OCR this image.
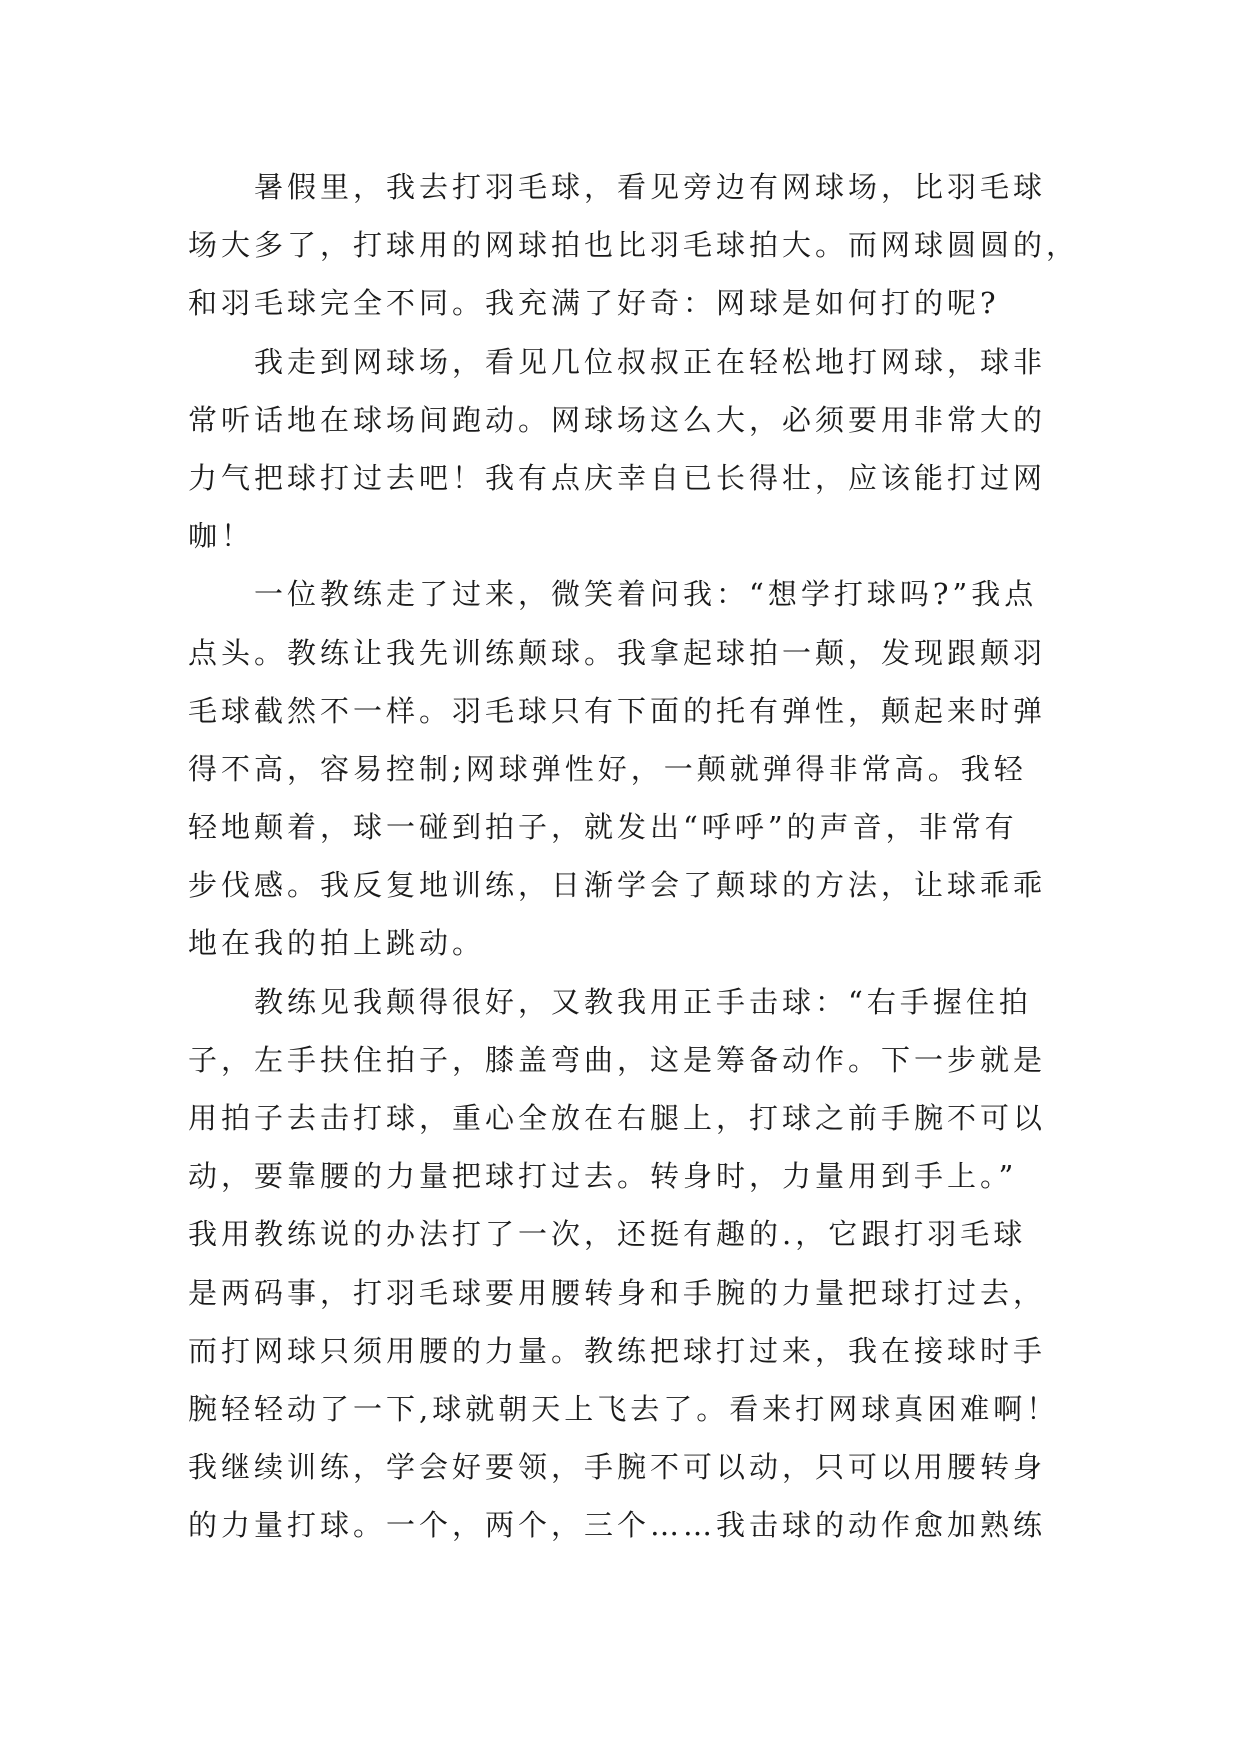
暑假里，我去打羽毛球，看见旁边有网球场，比羽毛球
场大多了，打球用的网球拍也比羽毛球拍大。而网球圆圆的，
和羽毛球完全不同。我充满了好奇：网球是如何打的呢?
我走到网球场，看见几位叔叔正在轻松地打网球，球非
常听话地在球场间跑动。网球场这么大，必须要用非常大的
力气把球打过去吧！我有点庆幸自已长得壮，应该能打过网
咖！
一位教练走了过来，微笑着问我：“想学打球吗?”我点
点头。教练让我先训练颠球。我拿起球拍一颠，发现跟颠羽
毛球截然不一样。羽毛球只有下面的托有弹性，颠起来时弹
得不高，容易控制;网球弹性好，一颠就弹得非常高。我轻
轻地颠着，球一碰到拍子，就发出“呼呼”的声音，非常有
步伐感。我反复地训练，日渐学会了颠球的方法，让球乖乖
地在我的拍上跳动。
教练见我颠得很好，又教我用正手击球：“右手握住拍
子，左手扶住拍子，膝盖弯曲，这是筹备动作。下一步就是
用拍子去击打球，重心全放在右腿上，打球之前手腕不可以
动，要靠腰的力量把球打过去。转身时，力量用到手上。”
我用教练说的办法打了一次，还挺有趣的.，它跟打羽毛球
是两码事，打羽毛球要用腰转身和手腕的力量把球打过去，
而打网球只须用腰的力量。教练把球打过来，我在接球时手
腕轻轻动了一下,球就朝天上飞去了。看来打网球真困难啊！
我继续训练，学会好要领，手腕不可以动，只可以用腰转身
的力量打球。一个，两个，三个……我击球的动作愈加熟练
